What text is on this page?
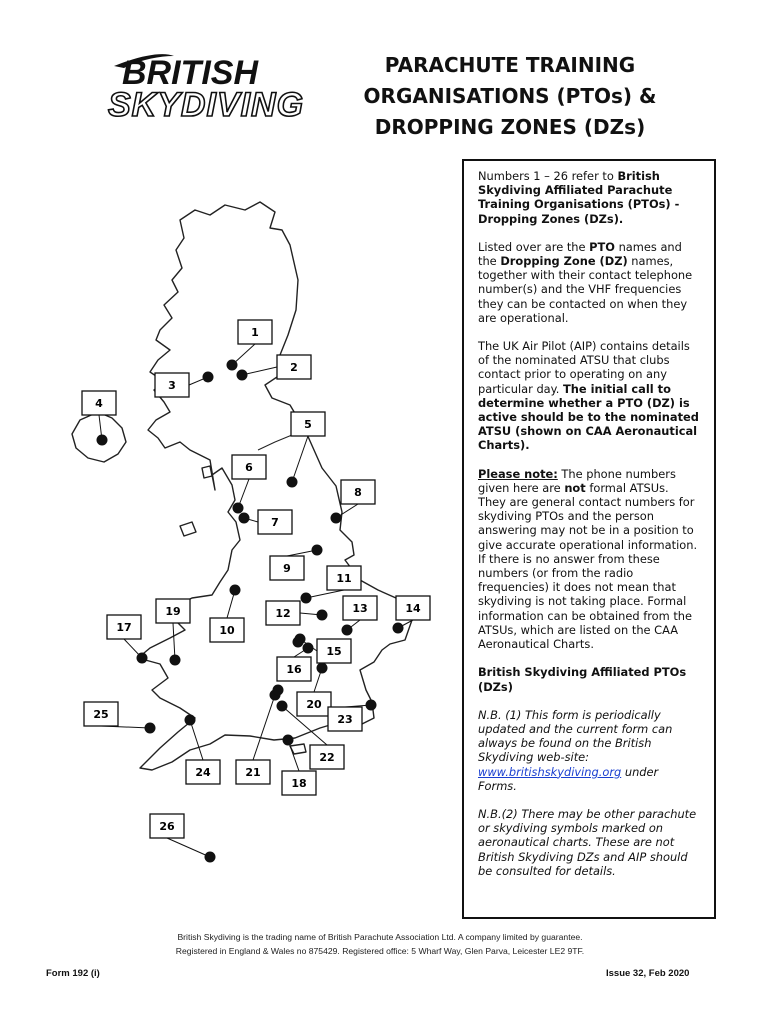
BRITISH
SKYDIVING
PARACHUTE TRAINING
ORGANISATIONS (PTOs) &
DROPPING ZONES (DZs)
1
2
3
4
5
6
7
8
9
10
11
12	13	14
15
16
17
18
19
20
21
22
23
24
25
26

Numbers 1 – 26 refer to British Skydiving Affiliated Parachute Training Organisations (PTOs) - Dropping Zones (DZs).

Listed over are the PTO names and the Dropping Zone (DZ) names, together with their contact telephone number(s) and the VHF frequencies they can be contacted on when they are operational.

The UK Air Pilot (AIP) contains details of the nominated ATSU that clubs contact prior to operating on any particular day. The initial call to determine whether a PTO (DZ) is active should be to the nominated ATSU (shown on CAA Aeronautical Charts).

Please note: The phone numbers given here are not formal ATSUs. They are general contact numbers for skydiving PTOs and the person answering may not be in a position to give accurate operational information. If there is no answer from these numbers (or from the radio frequencies) it does not mean that skydiving is not taking place. Formal information can be obtained from the ATSUs, which are listed on the CAA Aeronautical Charts.

British Skydiving Affiliated PTOs (DZs)

N.B. (1) This form is periodically updated and the current form can always be found on the British Skydiving web-site: www.britishskydiving.org under Forms.

N.B.(2) There may be other parachute or skydiving symbols marked on aeronautical charts. These are not British Skydiving DZs and AIP should be consulted for details.

British Skydiving is the trading name of British Parachute Association Ltd. A company limited by guarantee.
Registered in England & Wales no 875429. Registered office: 5 Wharf Way, Glen Parva, Leicester LE2 9TF.
Form 192 (i)	Issue 32, Feb 2020
